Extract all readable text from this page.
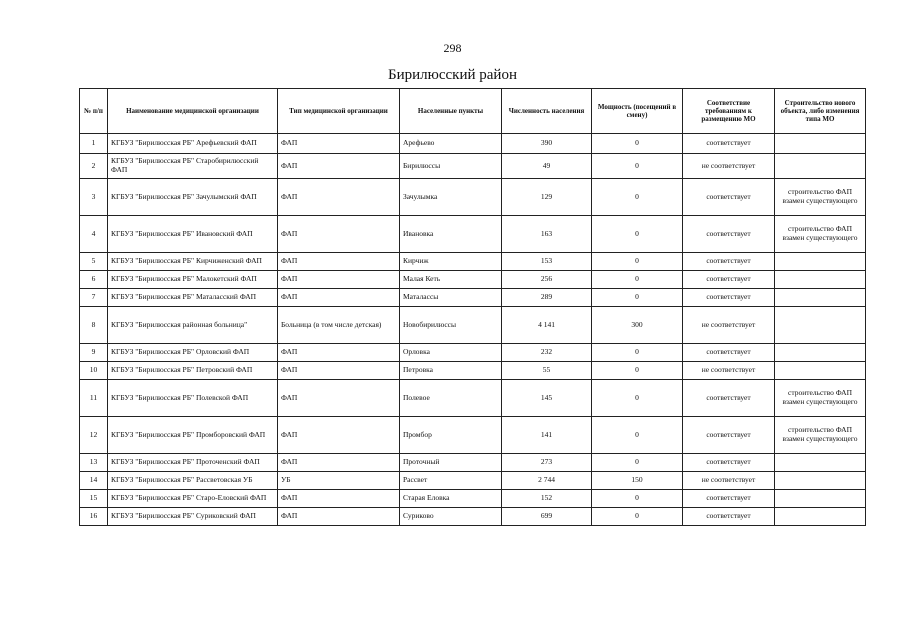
298
Бирилюсский район
№ п/п	Наименование медицинской организации	Тип медицинской организации	Населенные пункты	Численность населения	Мощность (посещений в смену)	Соответствие требованиям к размещению МО	Строительство нового объекта, либо изменения типа МО
1	КГБУЗ "Бирилюсская РБ" Арефьевский ФАП	ФАП	Арефьево	390	0	соответствует	
2	КГБУЗ "Бирилюсская РБ" Старобирилюсский ФАП	ФАП	Бирилюссы	49	0	не соответствует	
3	КГБУЗ "Бирилюсская РБ" Зачулымский ФАП	ФАП	Зачулымка	129	0	соответствует	строительство ФАП взамен существующего
4	КГБУЗ "Бирилюсская РБ" Ивановский ФАП	ФАП	Ивановка	163	0	соответствует	строительство ФАП взамен существующего
5	КГБУЗ "Бирилюсская РБ" Кирчиженский ФАП	ФАП	Кирчиж	153	0	соответствует	
6	КГБУЗ "Бирилюсская РБ" Малокетский ФАП	ФАП	Малая Кеть	256	0	соответствует	
7	КГБУЗ "Бирилюсская РБ" Маталасский ФАП	ФАП	Маталассы	289	0	соответствует	
8	КГБУЗ "Бирилюсская районная больница"	Больница (в том числе детская)	Новобирилюссы	4 141	300	не соответствует	
9	КГБУЗ "Бирилюсская РБ" Орловский ФАП	ФАП	Орловка	232	0	соответствует	
10	КГБУЗ "Бирилюсская РБ" Петровский ФАП	ФАП	Петровка	55	0	не соответствует	
11	КГБУЗ "Бирилюсская РБ" Полевской ФАП	ФАП	Полевое	145	0	соответствует	строительство ФАП взамен существующего
12	КГБУЗ "Бирилюсская РБ" Промборовский ФАП	ФАП	Промбор	141	0	соответствует	строительство ФАП взамен существующего
13	КГБУЗ "Бирилюсская РБ" Проточенский ФАП	ФАП	Проточный	273	0	соответствует	
14	КГБУЗ "Бирилюсская РБ" Рассветовская УБ	УБ	Рассвет	2 744	150	не соответствует	
15	КГБУЗ "Бирилюсская РБ" Старо-Еловский ФАП	ФАП	Старая Еловка	152	0	соответствует	
16	КГБУЗ "Бирилюсская РБ" Суриковский ФАП	ФАП	Суриково	699	0	соответствует	
